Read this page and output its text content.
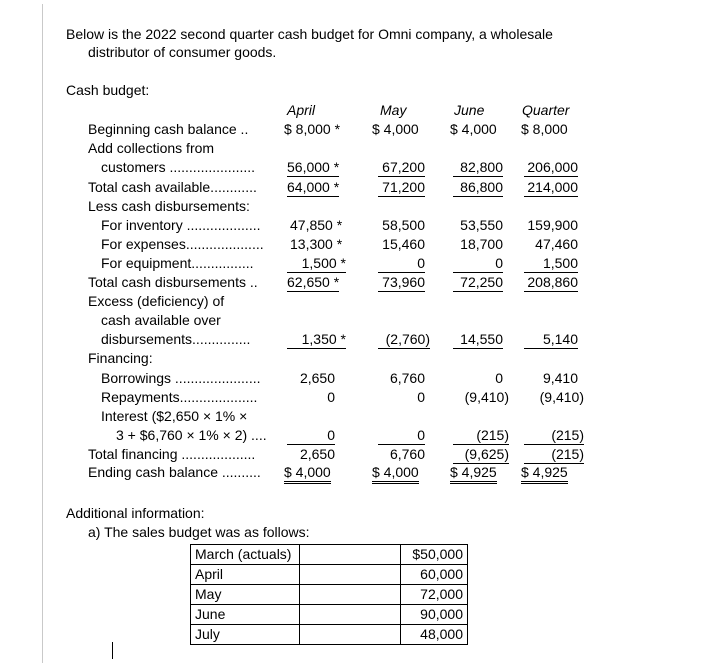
Below is the 2022 second quarter cash budget for Omni company, a wholesale
distributor of consumer goods.
Cash budget:
April	May	June	Quarter
Beginning cash balance ..	$ 8,000 * $ 4,000 $ 4,000 $ 8,000
Add collections from
customers ...................... 56,000 *	67,200	82,800 206,000
Total cash available............ 64,000 *	71,200	86,800 214,000
Less cash disbursements:
For inventory ................... 47,850 *	58,500	53,550 159,900
For expenses.................... 13,300 *	15,460	18,700	47,460
For equipment................	1,500 *	0	0	1,500
Total cash disbursements .. 62,650 *	73,960	72,250 208,860
Excess (deficiency) of
cash available over
disbursements...............	1,350 *	(2,760)	14,550	5,140
Financing:
Borrowings ......................	2,650	6,760	0	9,410
Repayments....................	0	0	(9,410)	(9,410)
Interest ($2,650 × 1% ×
3 + $6,760 × 1% × 2) ....	0	0	(215)	(215)
Total financing ...................	2,650	6,760	(9,625)	(215)
Ending cash balance .......... $ 4,000	$ 4,000 $ 4,925 $ 4,925
Additional information:
a) The sales budget was as follows:
March (actuals)		$50,000
April		60,000
May		72,000
June		90,000
July		48,000
